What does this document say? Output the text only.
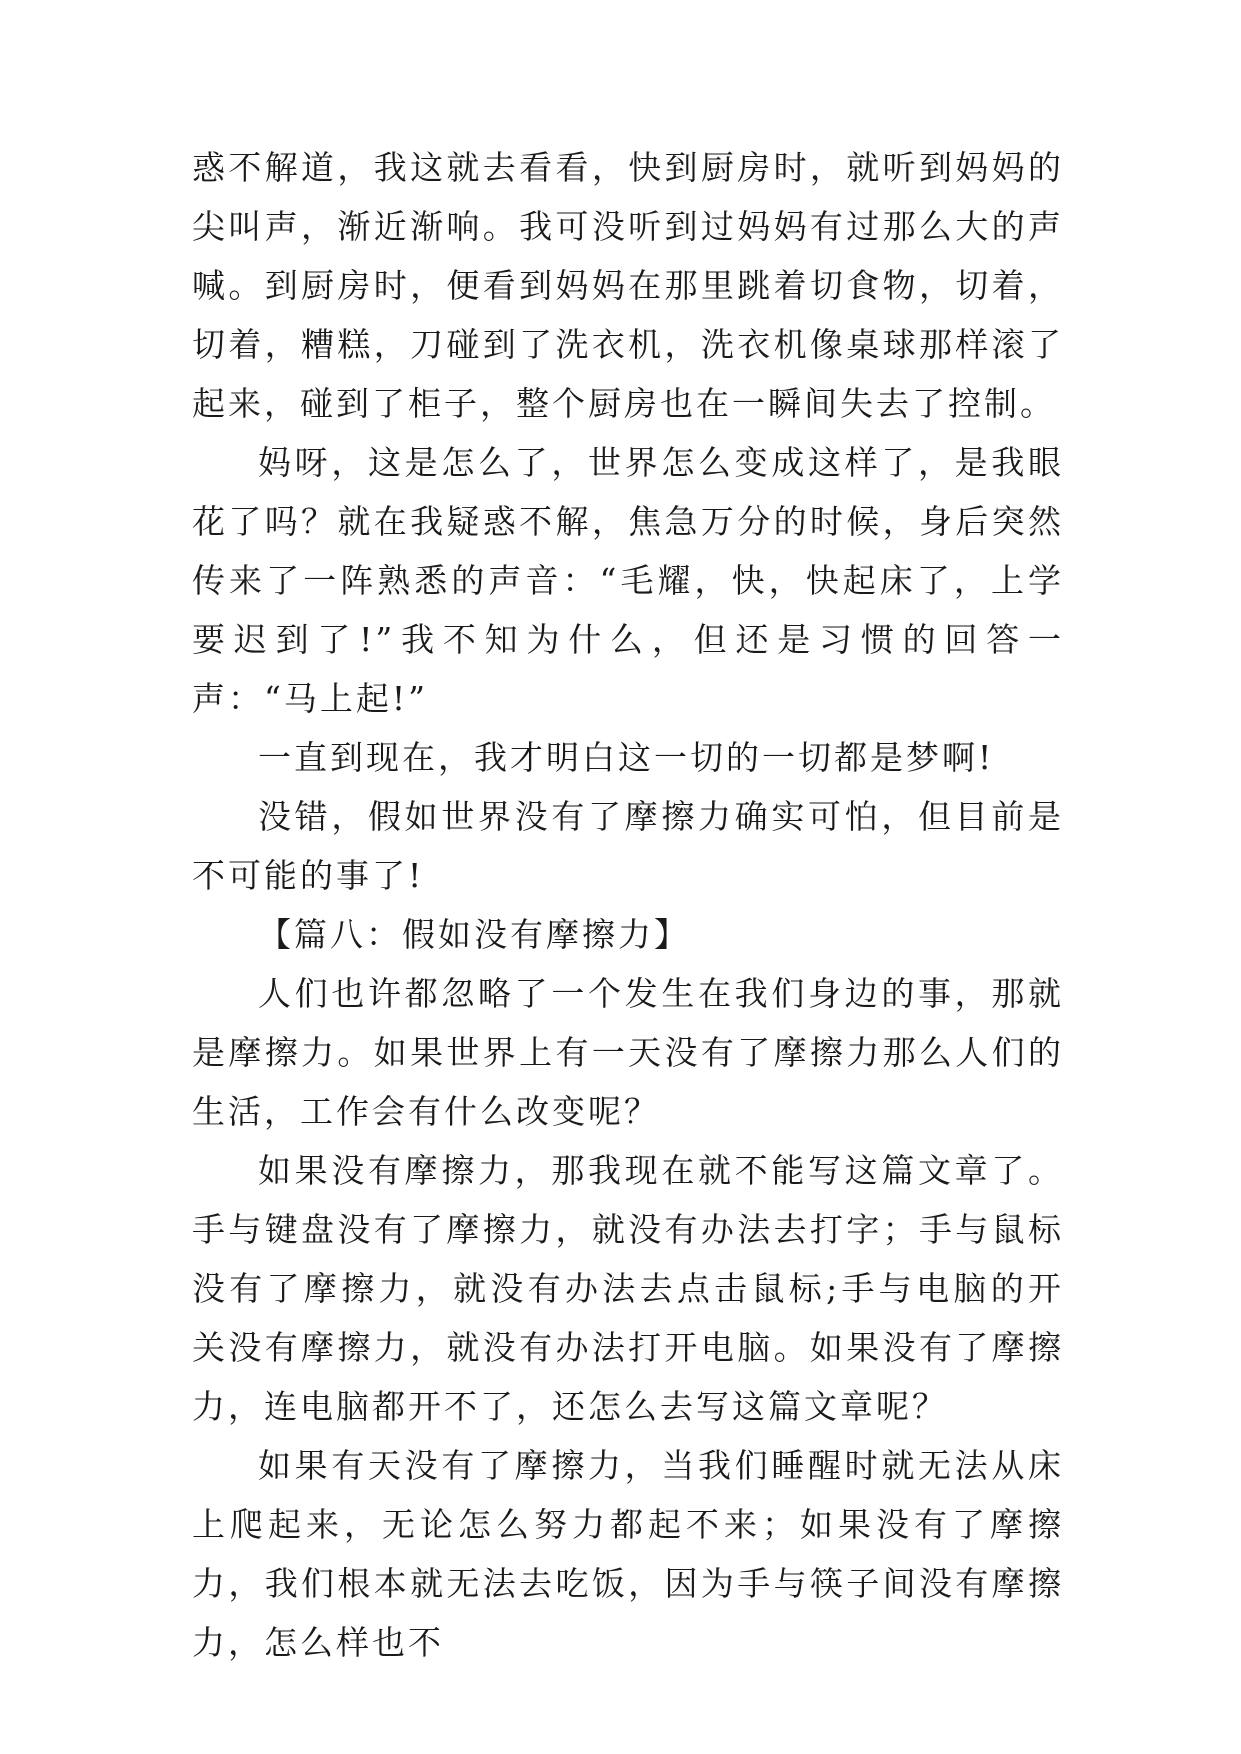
惑不解道，我这就去看看，快到厨房时，就听到妈妈的尖叫声，渐近渐响。我可没听到过妈妈有过那么大的声喊。到厨房时，便看到妈妈在那里跳着切食物，切着，切着，糟糕，刀碰到了洗衣机，洗衣机像桌球那样滚了起来，碰到了柜子，整个厨房也在一瞬间失去了控制。

妈呀，这是怎么了，世界怎么变成这样了，是我眼花了吗？就在我疑惑不解，焦急万分的时候，身后突然传来了一阵熟悉的声音：“毛耀，快，快起床了，上学要迟到了!”我不知为什么，但还是习惯的回答一声：“马上起!”

一直到现在，我才明白这一切的一切都是梦啊!

没错，假如世界没有了摩擦力确实可怕，但目前是不可能的事了!

【篇八：假如没有摩擦力】

人们也许都忽略了一个发生在我们身边的事，那就是摩擦力。如果世界上有一天没有了摩擦力那么人们的生活，工作会有什么改变呢？

如果没有摩擦力，那我现在就不能写这篇文章了。手与键盘没有了摩擦力，就没有办法去打字；手与鼠标没有了摩擦力，就没有办法去点击鼠标;手与电脑的开关没有摩擦力，就没有办法打开电脑。如果没有了摩擦力，连电脑都开不了，还怎么去写这篇文章呢？

如果有天没有了摩擦力，当我们睡醒时就无法从床上爬起来，无论怎么努力都起不来；如果没有了摩擦力，我们根本就无法去吃饭，因为手与筷子间没有摩擦力，怎么样也不
